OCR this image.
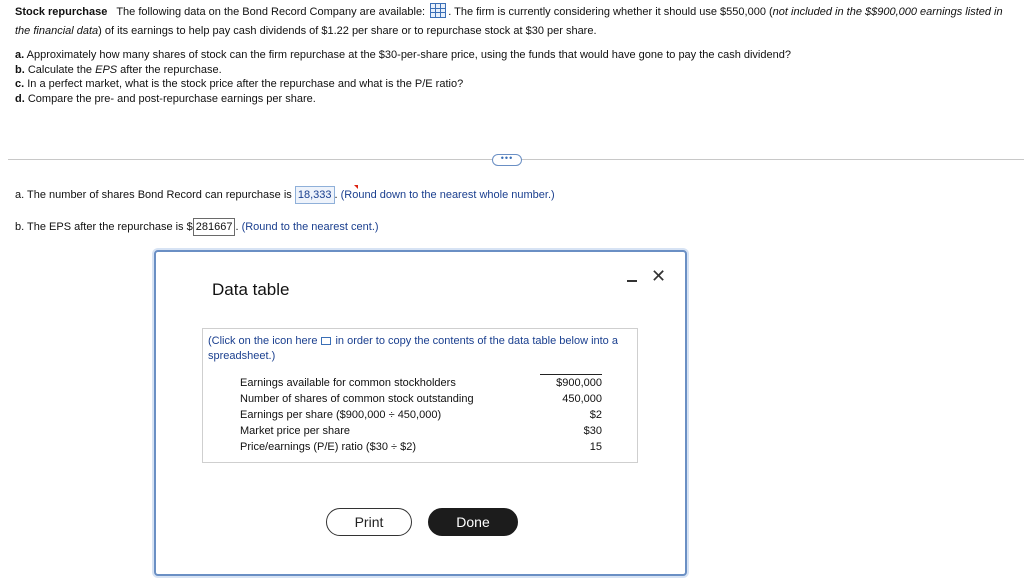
Stock repurchase The following data on the Bond Record Company are available: . The firm is currently considering whether it should use $550,000 (not included in the $$900,000 earnings listed in the financial data) of its earnings to help pay cash dividends of $1.22 per share or to repurchase stock at $30 per share.
a. Approximately how many shares of stock can the firm repurchase at the $30-per-share price, using the funds that would have gone to pay the cash dividend?
b. Calculate the EPS after the repurchase.
c. In a perfect market, what is the stock price after the repurchase and what is the P/E ratio?
d. Compare the pre- and post-repurchase earnings per share.
•••
a. The number of shares Bond Record can repurchase is 18,333 . (Round down to the nearest whole number.)
b. The EPS after the repurchase is $ 281667 . (Round to the nearest cent.)
Data table
✕
(Click on the icon here in order to copy the contents of the data table below into a spreadsheet.)
Earnings available for common stockholders	$900,000
Number of shares of common stock outstanding	450,000
Earnings per share ($900,000 ÷ 450,000)	$2
Market price per share	$30
Price/earnings (P/E) ratio ($30 ÷ $2)	15
Print	Done
